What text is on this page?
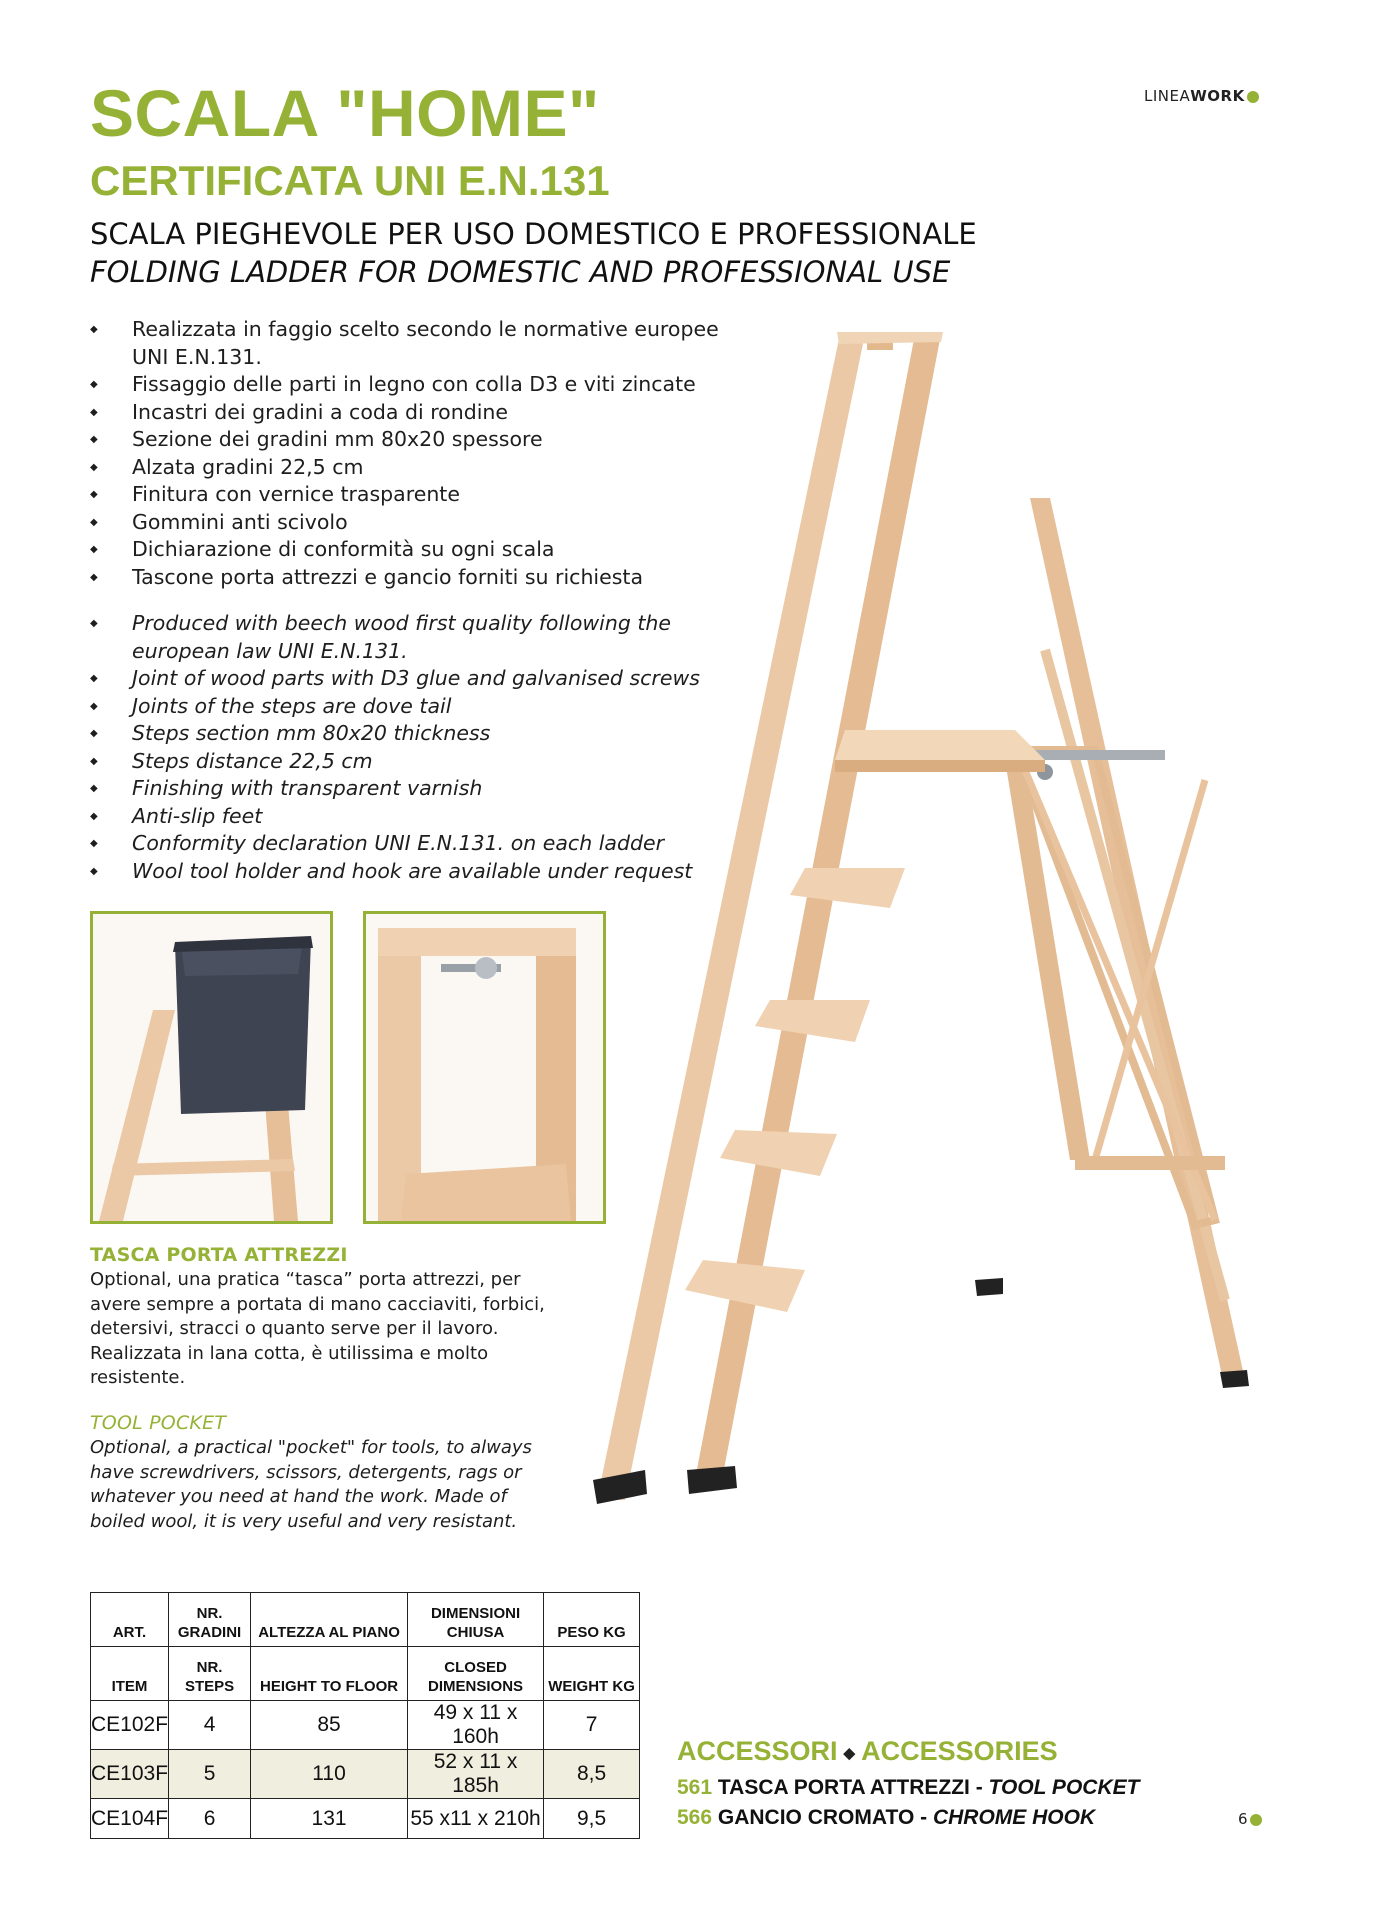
LINEAWORK
SCALA "HOME"
CERTIFICATA UNI E.N.131
SCALA PIEGHEVOLE PER USO DOMESTICO E PROFESSIONALE
FOLDING LADDER FOR DOMESTIC AND PROFESSIONAL USE
◆ Realizzata in faggio scelto secondo le normative europee UNI E.N.131.
◆ Fissaggio delle parti in legno con colla D3 e viti zincate
◆ Incastri dei gradini a coda di rondine
◆ Sezione dei gradini mm 80x20 spessore
◆ Alzata gradini 22,5 cm
◆ Finitura con vernice trasparente
◆ Gommini anti scivolo
◆ Dichiarazione di conformità su ogni scala
◆ Tascone porta attrezzi e gancio forniti su richiesta
◆ Produced with beech wood first quality following the european law UNI E.N.131.
◆ Joint of wood parts with D3 glue and galvanised screws
◆ Joints of the steps are dove tail
◆ Steps section mm 80x20 thickness
◆ Steps distance 22,5 cm
◆ Finishing with transparent varnish
◆ Anti-slip feet
◆ Conformity declaration UNI E.N.131. on each ladder
◆ Wool tool holder and hook are available under request
TASCA PORTA ATTREZZI

Optional, una pratica “tasca” porta attrezzi, per avere sempre a portata di mano cacciaviti, forbici, detersivi, stracci o quanto serve per il lavoro. Realizzata in lana cotta, è utilissima e molto resistente.

TOOL POCKET

Optional, a practical "pocket" for tools, to always have screwdrivers, scissors, detergents, rags or whatever you need at hand the work. Made of boiled wool, it is very useful and very resistant.

ART.	NR. GRADINI	ALTEZZA AL PIANO	DIMENSIONI CHIUSA	PESO KG
ITEM	NR. STEPS	HEIGHT TO FLOOR	CLOSED DIMENSIONS	WEIGHT KG
CE102F	4	85	49 x 11 x 160h	7
CE103F	5	110	52 x 11 x 185h	8,5
CE104F	6	131	55 x11 x 210h	9,5
ACCESSORI ◆ ACCESSORIES
561 TASCA PORTA ATTREZZI - TOOL POCKET
566 GANCIO CROMATO - CHROME HOOK	6
